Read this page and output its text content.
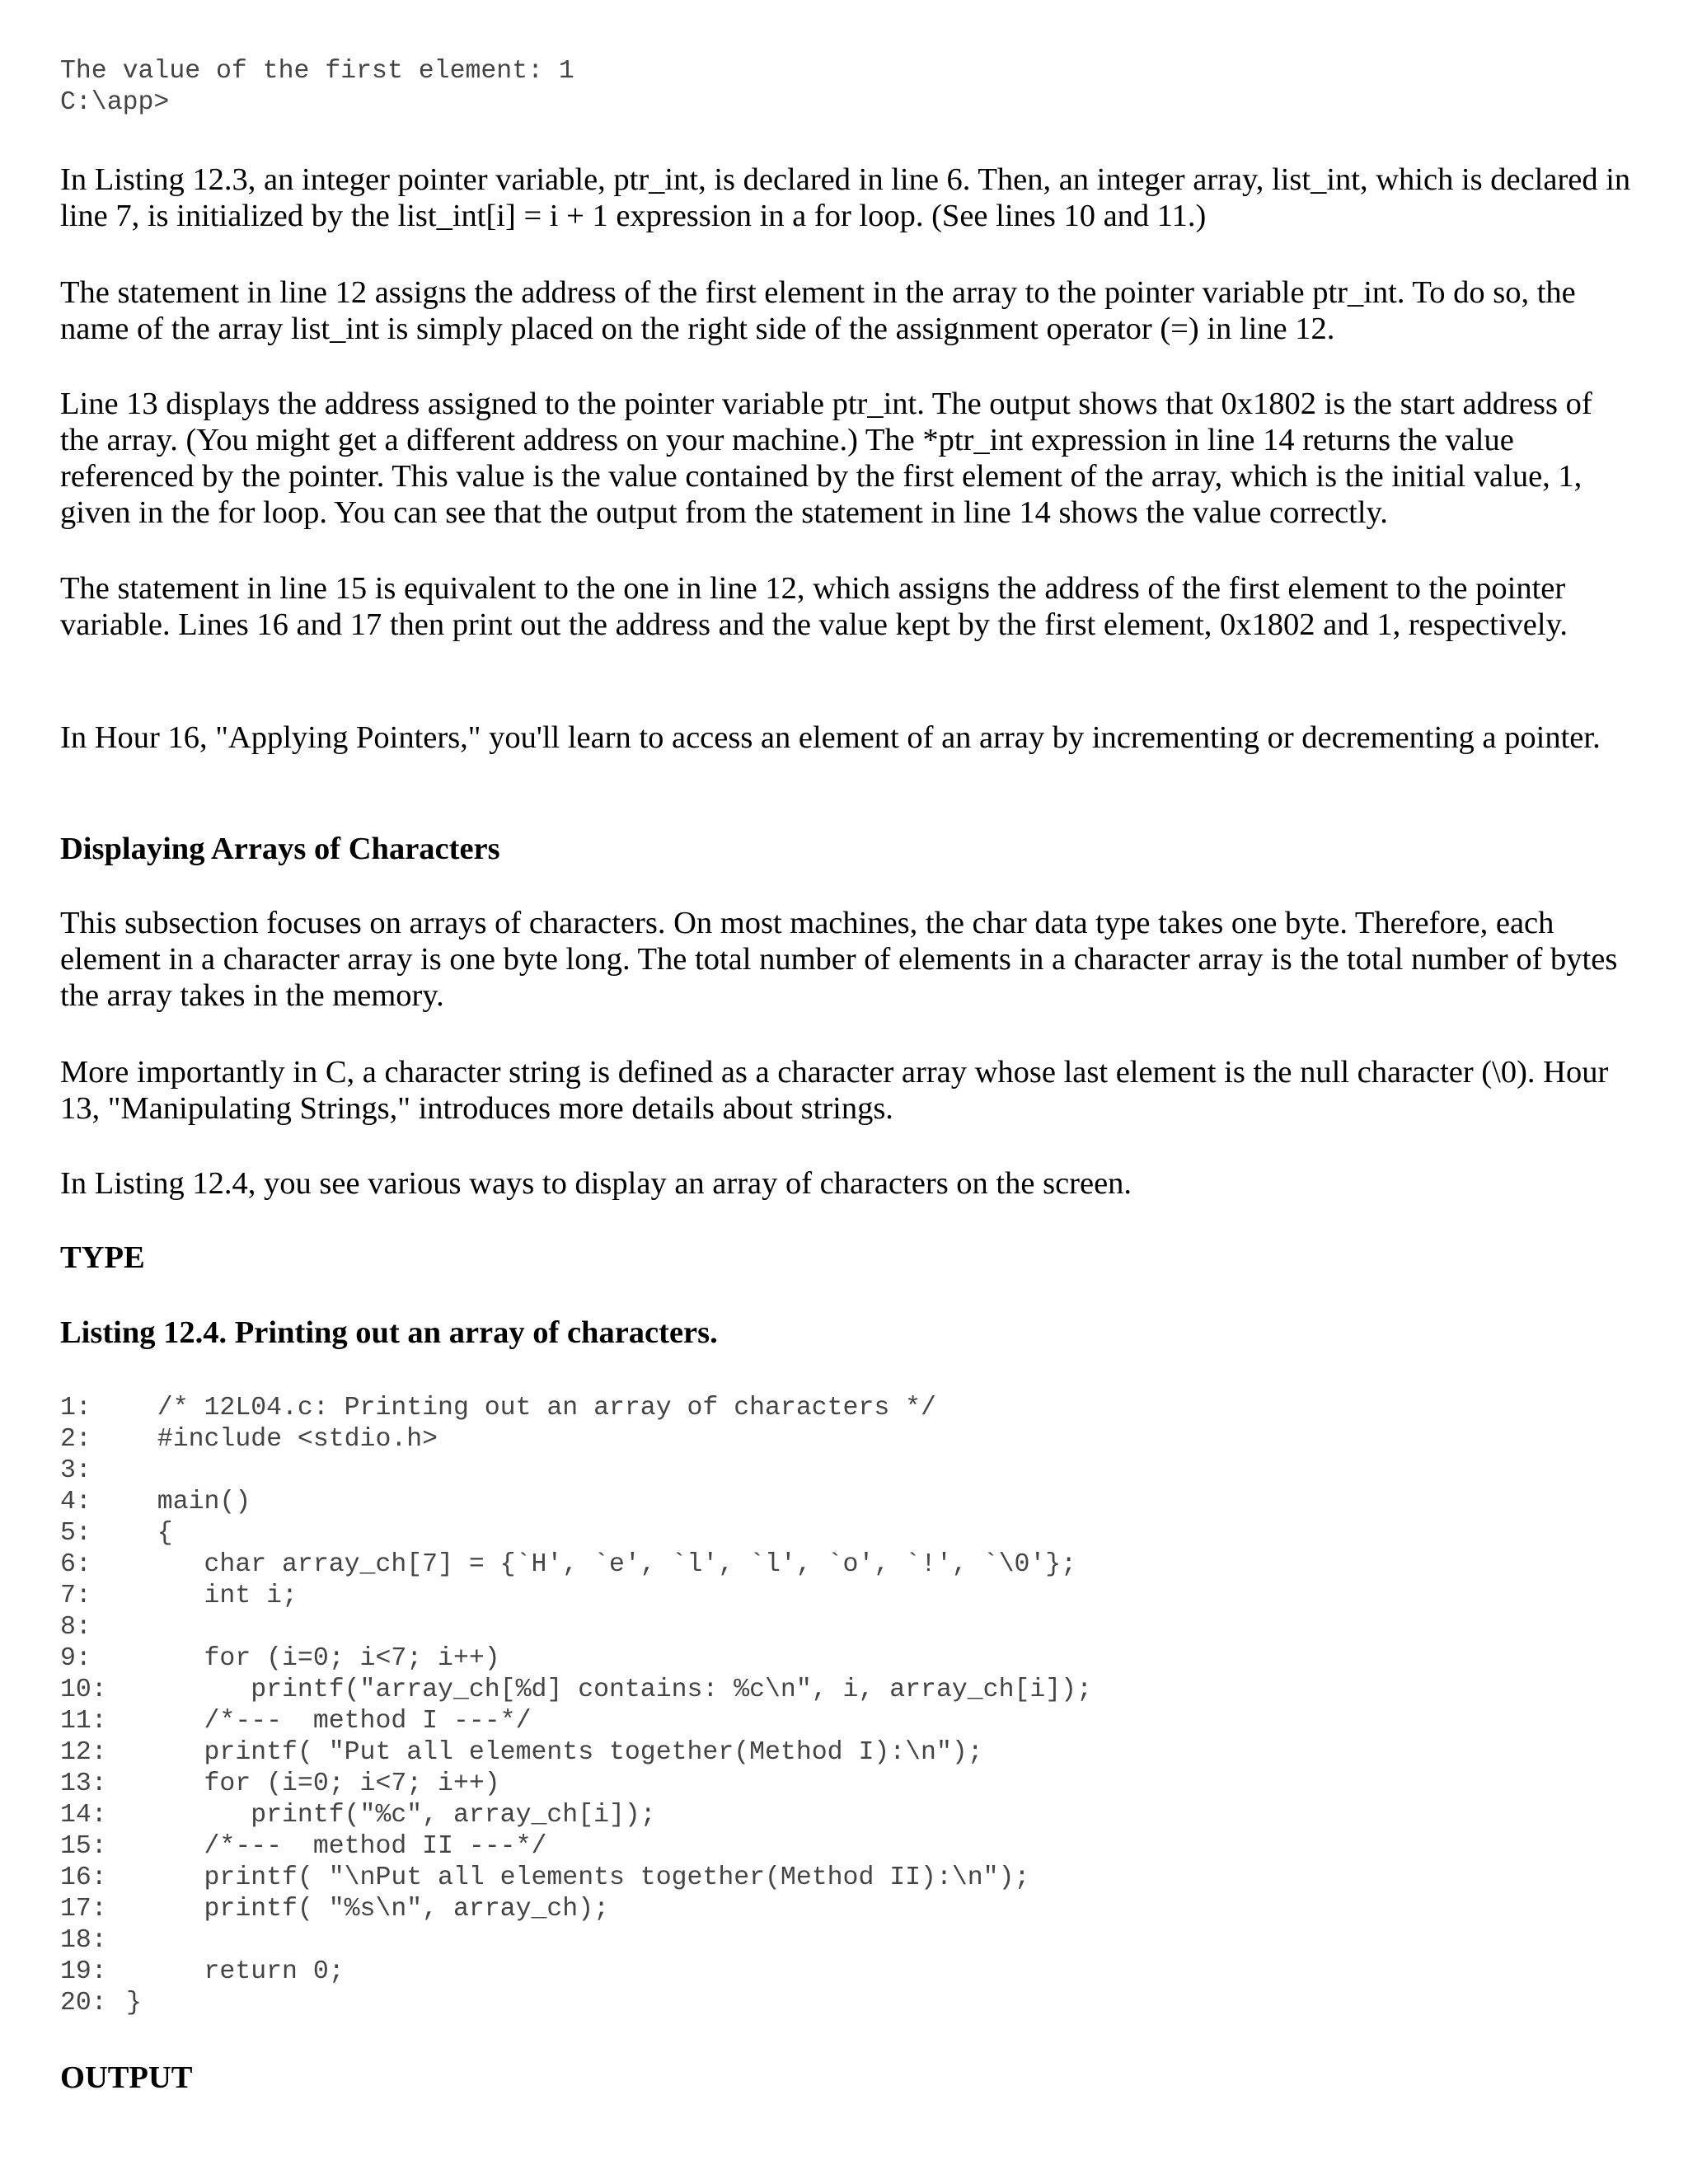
The value of the first element: 1
C:\app>

In Listing 12.3, an integer pointer variable, ptr_int, is declared in line 6. Then, an integer array, list_int, which is declared in line 7, is initialized by the list_int[i] = i + 1 expression in a for loop. (See lines 10 and 11.)

The statement in line 12 assigns the address of the first element in the array to the pointer variable ptr_int. To do so, the name of the array list_int is simply placed on the right side of the assignment operator (=) in line 12.

Line 13 displays the address assigned to the pointer variable ptr_int. The output shows that 0x1802 is the start address of the array. (You might get a different address on your machine.) The *ptr_int expression in line 14 returns the value referenced by the pointer. This value is the value contained by the first element of the array, which is the initial value, 1, given in the for loop. You can see that the output from the statement in line 14 shows the value correctly.

The statement in line 15 is equivalent to the one in line 12, which assigns the address of the first element to the pointer variable. Lines 16 and 17 then print out the address and the value kept by the first element, 0x1802 and 1, respectively.

In Hour 16, "Applying Pointers," you'll learn to access an element of an array by incrementing or decrementing a pointer.

Displaying Arrays of Characters

This subsection focuses on arrays of characters. On most machines, the char data type takes one byte. Therefore, each element in a character array is one byte long. The total number of elements in a character array is the total number of bytes the array takes in the memory.

More importantly in C, a character string is defined as a character array whose last element is the null character (\0). Hour 13, "Manipulating Strings," introduces more details about strings.

In Listing 12.4, you see various ways to display an array of characters on the screen.

TYPE

Listing 12.4. Printing out an array of characters.

1:  /* 12L04.c: Printing out an array of characters */
2:  #include <stdio.h>
3:
4:  main()
5:  {
6:     char array_ch[7] = {`H', `e', `l', `l', `o', `!', `\0'};
7:     int i;
8:
9:     for (i=0; i<7; i++)
10:        printf("array_ch[%d] contains: %c\n", i, array_ch[i]);
11:     /*---  method I ---*/
12:     printf( "Put all elements together(Method I):\n");
13:     for (i=0; i<7; i++)
14:        printf("%c", array_ch[i]);
15:     /*---  method II ---*/
16:     printf( "\nPut all elements together(Method II):\n");
17:     printf( "%s\n", array_ch);
18:
19:     return 0;
20: }

OUTPUT
